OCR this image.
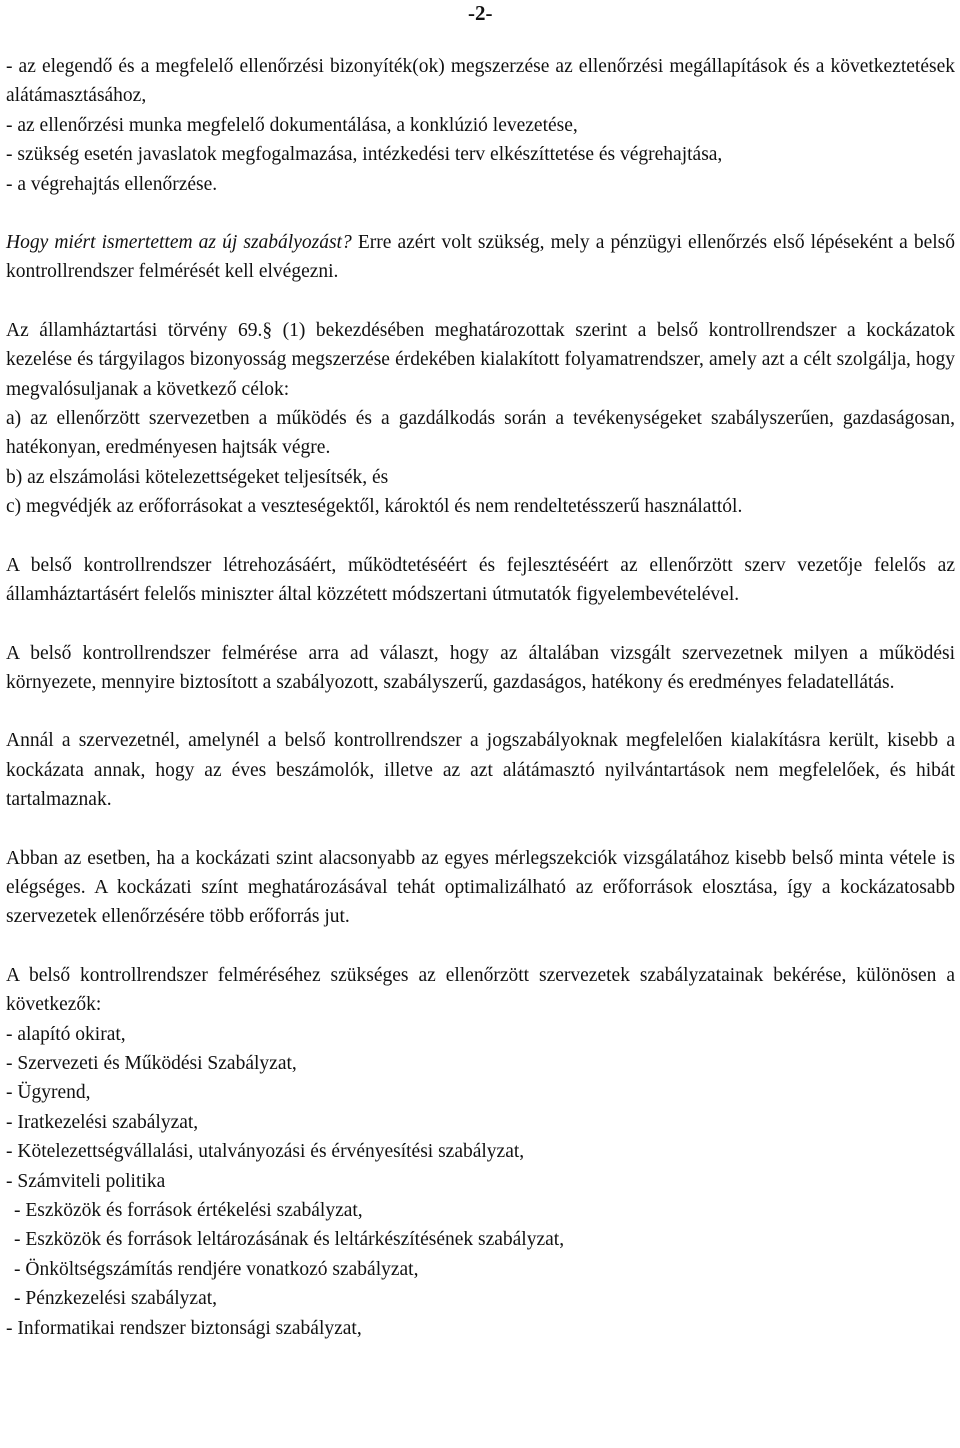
-2-
- az elegendő és a megfelelő ellenőrzési bizonyíték(ok) megszerzése az ellenőrzési megállapítások és a következtetések alátámasztásához,
- az ellenőrzési munka megfelelő dokumentálása, a konklúzió levezetése,
- szükség esetén javaslatok megfogalmazása, intézkedési terv elkészíttetése és végrehajtása,
- a végrehajtás ellenőrzése.

Hogy miért ismertettem az új szabályozást? Erre azért volt szükség, mely a pénzügyi ellenőrzés első lépéseként a belső kontrollrendszer felmérését kell elvégezni.

Az államháztartási törvény 69.§ (1) bekezdésében meghatározottak szerint a belső kontrollrendszer a kockázatok kezelése és tárgyilagos bizonyosság megszerzése érdekében kialakított folyamatrendszer, amely azt a célt szolgálja, hogy megvalósuljanak a következő célok:

a) az ellenőrzött szervezetben a működés és a gazdálkodás során a tevékenységeket szabályszerűen, gazdaságosan, hatékonyan, eredményesen hajtsák végre.

b) az elszámolási kötelezettségeket teljesítsék, és

c) megvédjék az erőforrásokat a veszteségektől, károktól és nem rendeltetésszerű használattól.

A belső kontrollrendszer létrehozásáért, működtetéséért és fejlesztéséért az ellenőrzött szerv vezetője felelős az államháztartásért felelős miniszter által közzétett módszertani útmutatók figyelembevételével.

A belső kontrollrendszer felmérése arra ad választ, hogy az általában vizsgált szervezetnek milyen a működési környezete, mennyire biztosított a szabályozott, szabályszerű, gazdaságos, hatékony és eredményes feladatellátás.

Annál a szervezetnél, amelynél a belső kontrollrendszer a jogszabályoknak megfelelően kialakításra került, kisebb a kockázata annak, hogy az éves beszámolók, illetve az azt alátámasztó nyilvántartások nem megfelelőek, és hibát tartalmaznak.

Abban az esetben, ha a kockázati szint alacsonyabb az egyes mérlegszekciók vizsgálatához kisebb belső minta vétele is elégséges. A kockázati színt meghatározásával tehát optimalizálható az erőforrások elosztása, így a kockázatosabb szervezetek ellenőrzésére több erőforrás jut.

A belső kontrollrendszer felméréséhez szükséges az ellenőrzött szervezetek szabályzatainak bekérése, különösen a következők:

- alapító okirat,
- Szervezeti és Működési Szabályzat,
- Ügyrend,
- Iratkezelési szabályzat,
- Kötelezettségvállalási, utalványozási és érvényesítési szabályzat,
- Számviteli politika
- Eszközök és források értékelési szabályzat,
- Eszközök és források leltározásának és leltárkészítésének szabályzat,
- Önköltségszámítás rendjére vonatkozó szabályzat,
- Pénzkezelési szabályzat,
- Informatikai rendszer biztonsági szabályzat,
